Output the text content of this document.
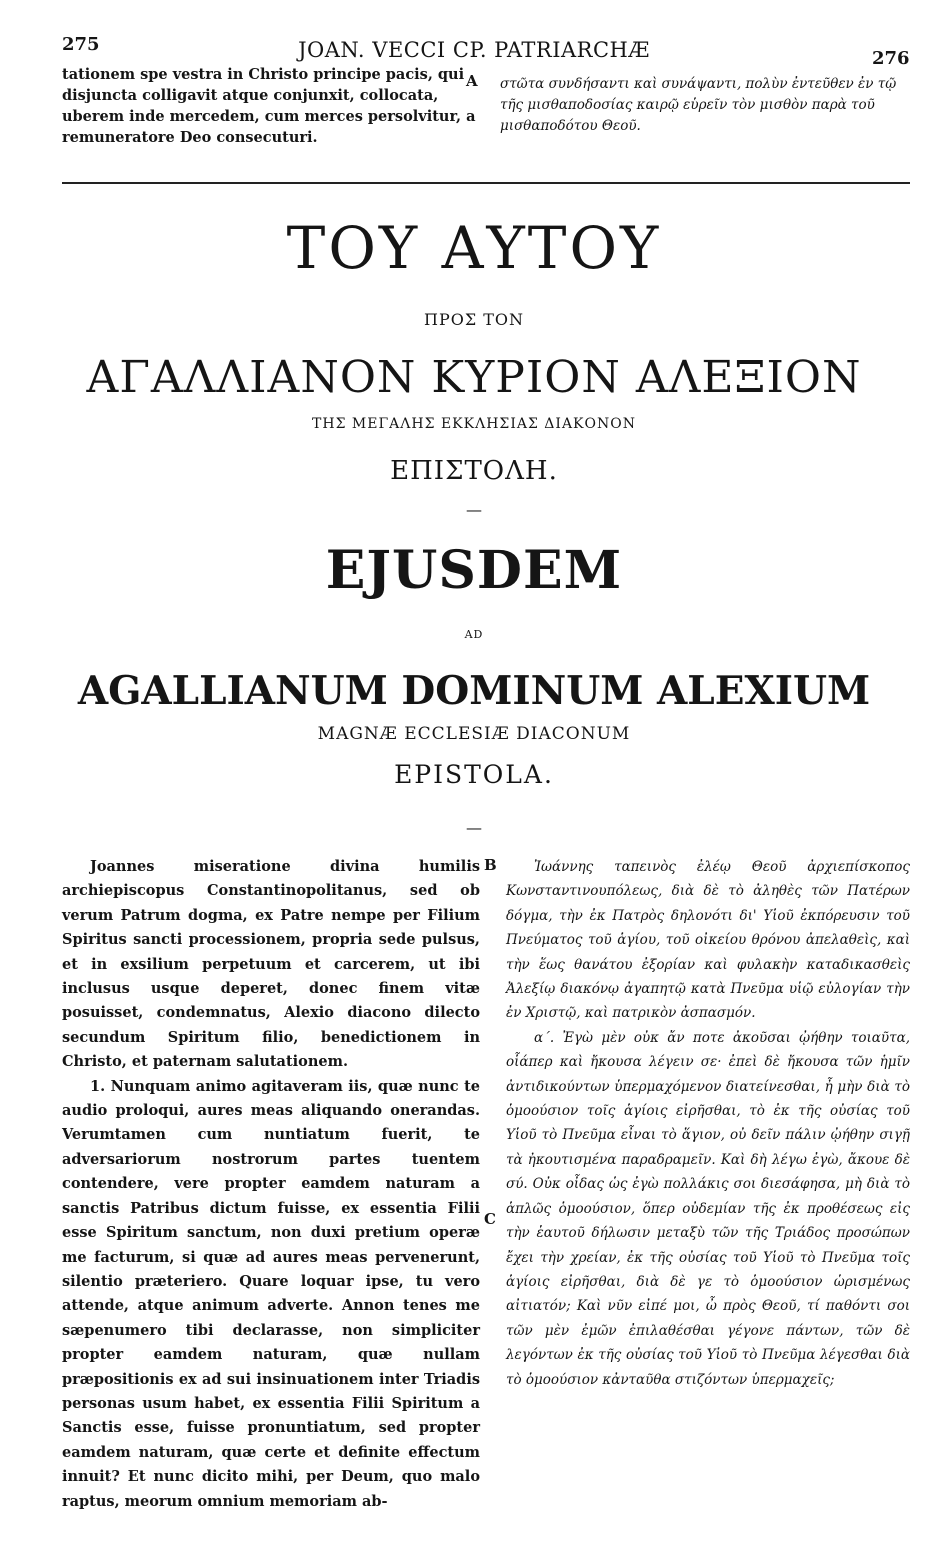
275	JOAN. VECCI CP. PATRIARCHÆ	276
tationem spe vestra in Christo principe pacis, qui disjuncta colligavit atque conjunxit, collocata, uberem inde mercedem, cum merces persolvitur, a remuneratore Deo consecuturi.
A στῶτα συνδήσαντι καὶ συνάψαντι, πολὺν ἐντεῦθεν ἐν τῷ τῆς μισθαποδοσίας καιρῷ εὑρεῖν τὸν μισθὸν παρὰ τοῦ μισθαποδότου Θεοῦ.
ΤΟΥ ΑΥΤΟΥ
ΠΡΟΣ ΤΟΝ
ΑΓΑΛΛΙΑΝΟΝ ΚΥΡΙΟΝ ΑΛΕΞΙΟΝ
ΤΗΣ ΜΕΓΑΛΗΣ ΕΚΚΛΗΣΙΑΣ ΔΙΑΚΟΝΟΝ
ΕΠΙΣΤΟΛΗ.
—
EJUSDEM
AD
AGALLIANUM DOMINUM ALEXIUM
MAGNÆ ECCLESIÆ DIACONUM
EPISTOLA.
—

Joannes miseratione divina humilis archiepiscopus Constantinopolitanus, sed ob verum Patrum dogma, ex Patre nempe per Filium Spiritus sancti processionem, propria sede pulsus, et in exsilium perpetuum et carcerem, ut ibi inclusus usque deperet, donec finem vitæ posuisset, condemnatus, Alexio diacono dilecto secundum Spiritum filio, benedictionem in Christo, et paternam salutationem.

1. Nunquam animo agitaveram iis, quæ nunc te audio proloqui, aures meas aliquando onerandas. Verumtamen cum nuntiatum fuerit, te adversariorum nostrorum partes tuentem contendere, vere propter eamdem naturam a sanctis Patribus dictum fuisse, ex essentia Filii esse Spiritum sanctum, non duxi pretium operæ me facturum, si quæ ad aures meas pervenerunt, silentio præteriero. Quare loquar ipse, tu vero attende, atque animum adverte. Annon tenes me sæpenumero tibi declarasse, non simpliciter propter eamdem naturam, quæ nullam præpositionis ex ad sui insinuationem inter Triadis personas usum habet, ex essentia Filii Spiritum a Sanctis esse, fuisse pronuntiatum, sed propter eamdem naturam, quæ certe et definite effectum innuit? Et nunc dicito mihi, per Deum, quo malo raptus, meorum omnium memoriam ab-

B
C

Ἰωάννης ταπεινὸς ἐλέῳ Θεοῦ ἀρχιεπίσκοπος Κωνσταντινουπόλεως, διὰ δὲ τὸ ἀληθὲς τῶν Πατέρων δόγμα, τὴν ἐκ Πατρὸς δηλονότι δι' Υἱοῦ ἐκπόρευσιν τοῦ Πνεύματος τοῦ ἁγίου, τοῦ οἰκείου θρόνου ἀπελαθεὶς, καὶ τὴν ἕως θανάτου ἐξορίαν καὶ φυλακὴν καταδικασθεὶς Ἀλεξίῳ διακόνῳ ἀγαπητῷ κατὰ Πνεῦμα υἱῷ εὐλογίαν τὴν ἐν Χριστῷ, καὶ πατρικὸν ἀσπασμόν.

α΄. Ἐγὼ μὲν οὐκ ἄν ποτε ἀκοῦσαι ᾠήθην τοιαῦτα, οἷάπερ καὶ ἤκουσα λέγειν σε· ἐπεὶ δὲ ἤκουσα τῶν ἡμῖν ἀντιδικούντων ὑπερμαχόμενον διατείνεσθαι, ἦ μὴν διὰ τὸ ὁμοούσιον τοῖς ἁγίοις εἰρῆσθαι, τὸ ἐκ τῆς οὐσίας τοῦ Υἱοῦ τὸ Πνεῦμα εἶναι τὸ ἅγιον, οὐ δεῖν πάλιν ᾠήθην σιγῇ τὰ ἠκουτισμένα παραδραμεῖν. Καὶ δὴ λέγω ἐγὼ, ἄκουε δὲ σύ. Οὐκ οἶδας ὡς ἐγὼ πολλάκις σοι διεσάφησα, μὴ διὰ τὸ ἁπλῶς ὁμοούσιον, ὅπερ οὐδεμίαν τῆς ἐκ προθέσεως εἰς τὴν ἑαυτοῦ δήλωσιν μεταξὺ τῶν τῆς Τριάδος προσώπων ἔχει τὴν χρείαν, ἐκ τῆς οὐσίας τοῦ Υἱοῦ τὸ Πνεῦμα τοῖς ἁγίοις εἰρῆσθαι, διὰ δὲ γε τὸ ὁμοούσιον ὡρισμένως αἰτιατόν; Καὶ νῦν εἰπέ μοι, ὦ πρὸς Θεοῦ, τί παθόντι σοι τῶν μὲν ἐμῶν ἐπιλαθέσθαι γέγονε πάντων, τῶν δὲ λεγόντων ἐκ τῆς οὐσίας τοῦ Υἱοῦ τὸ Πνεῦμα λέγεσθαι διὰ τὸ ὁμοούσιον κἀνταῦθα στιζόντων ὑπερμαχεῖς;
